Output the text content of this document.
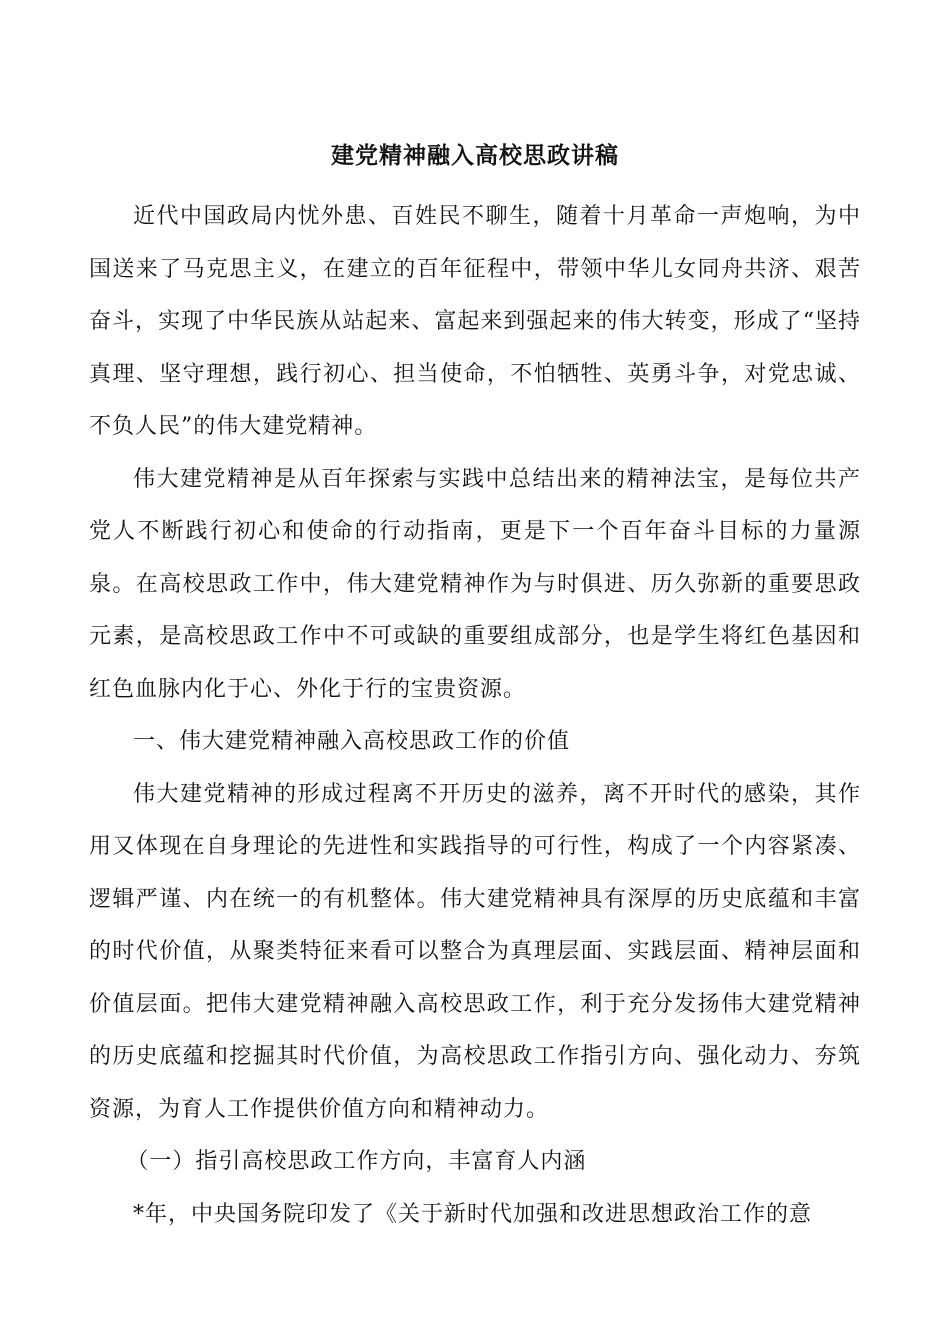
建党精神融入高校思政讲稿

近代中国政局内忧外患、百姓民不聊生，随着十月革命一声炮响，为中国送来了马克思主义，在建立的百年征程中，带领中华儿女同舟共济、艰苦奋斗，实现了中华民族从站起来、富起来到强起来的伟大转变，形成了“坚持真理、坚守理想，践行初心、担当使命，不怕牺牲、英勇斗争，对党忠诚、不负人民”的伟大建党精神。

伟大建党精神是从百年探索与实践中总结出来的精神法宝，是每位共产党人不断践行初心和使命的行动指南，更是下一个百年奋斗目标的力量源泉。在高校思政工作中，伟大建党精神作为与时俱进、历久弥新的重要思政元素，是高校思政工作中不可或缺的重要组成部分，也是学生将红色基因和红色血脉内化于心、外化于行的宝贵资源。

一、伟大建党精神融入高校思政工作的价值

伟大建党精神的形成过程离不开历史的滋养，离不开时代的感染，其作用又体现在自身理论的先进性和实践指导的可行性，构成了一个内容紧凑、逻辑严谨、内在统一的有机整体。伟大建党精神具有深厚的历史底蕴和丰富的时代价值，从聚类特征来看可以整合为真理层面、实践层面、精神层面和价值层面。把伟大建党精神融入高校思政工作，利于充分发扬伟大建党精神的历史底蕴和挖掘其时代价值，为高校思政工作指引方向、强化动力、夯筑资源，为育人工作提供价值方向和精神动力。

（一）指引高校思政工作方向，丰富育人内涵

*年，中央国务院印发了《关于新时代加强和改进思想政治工作的意
